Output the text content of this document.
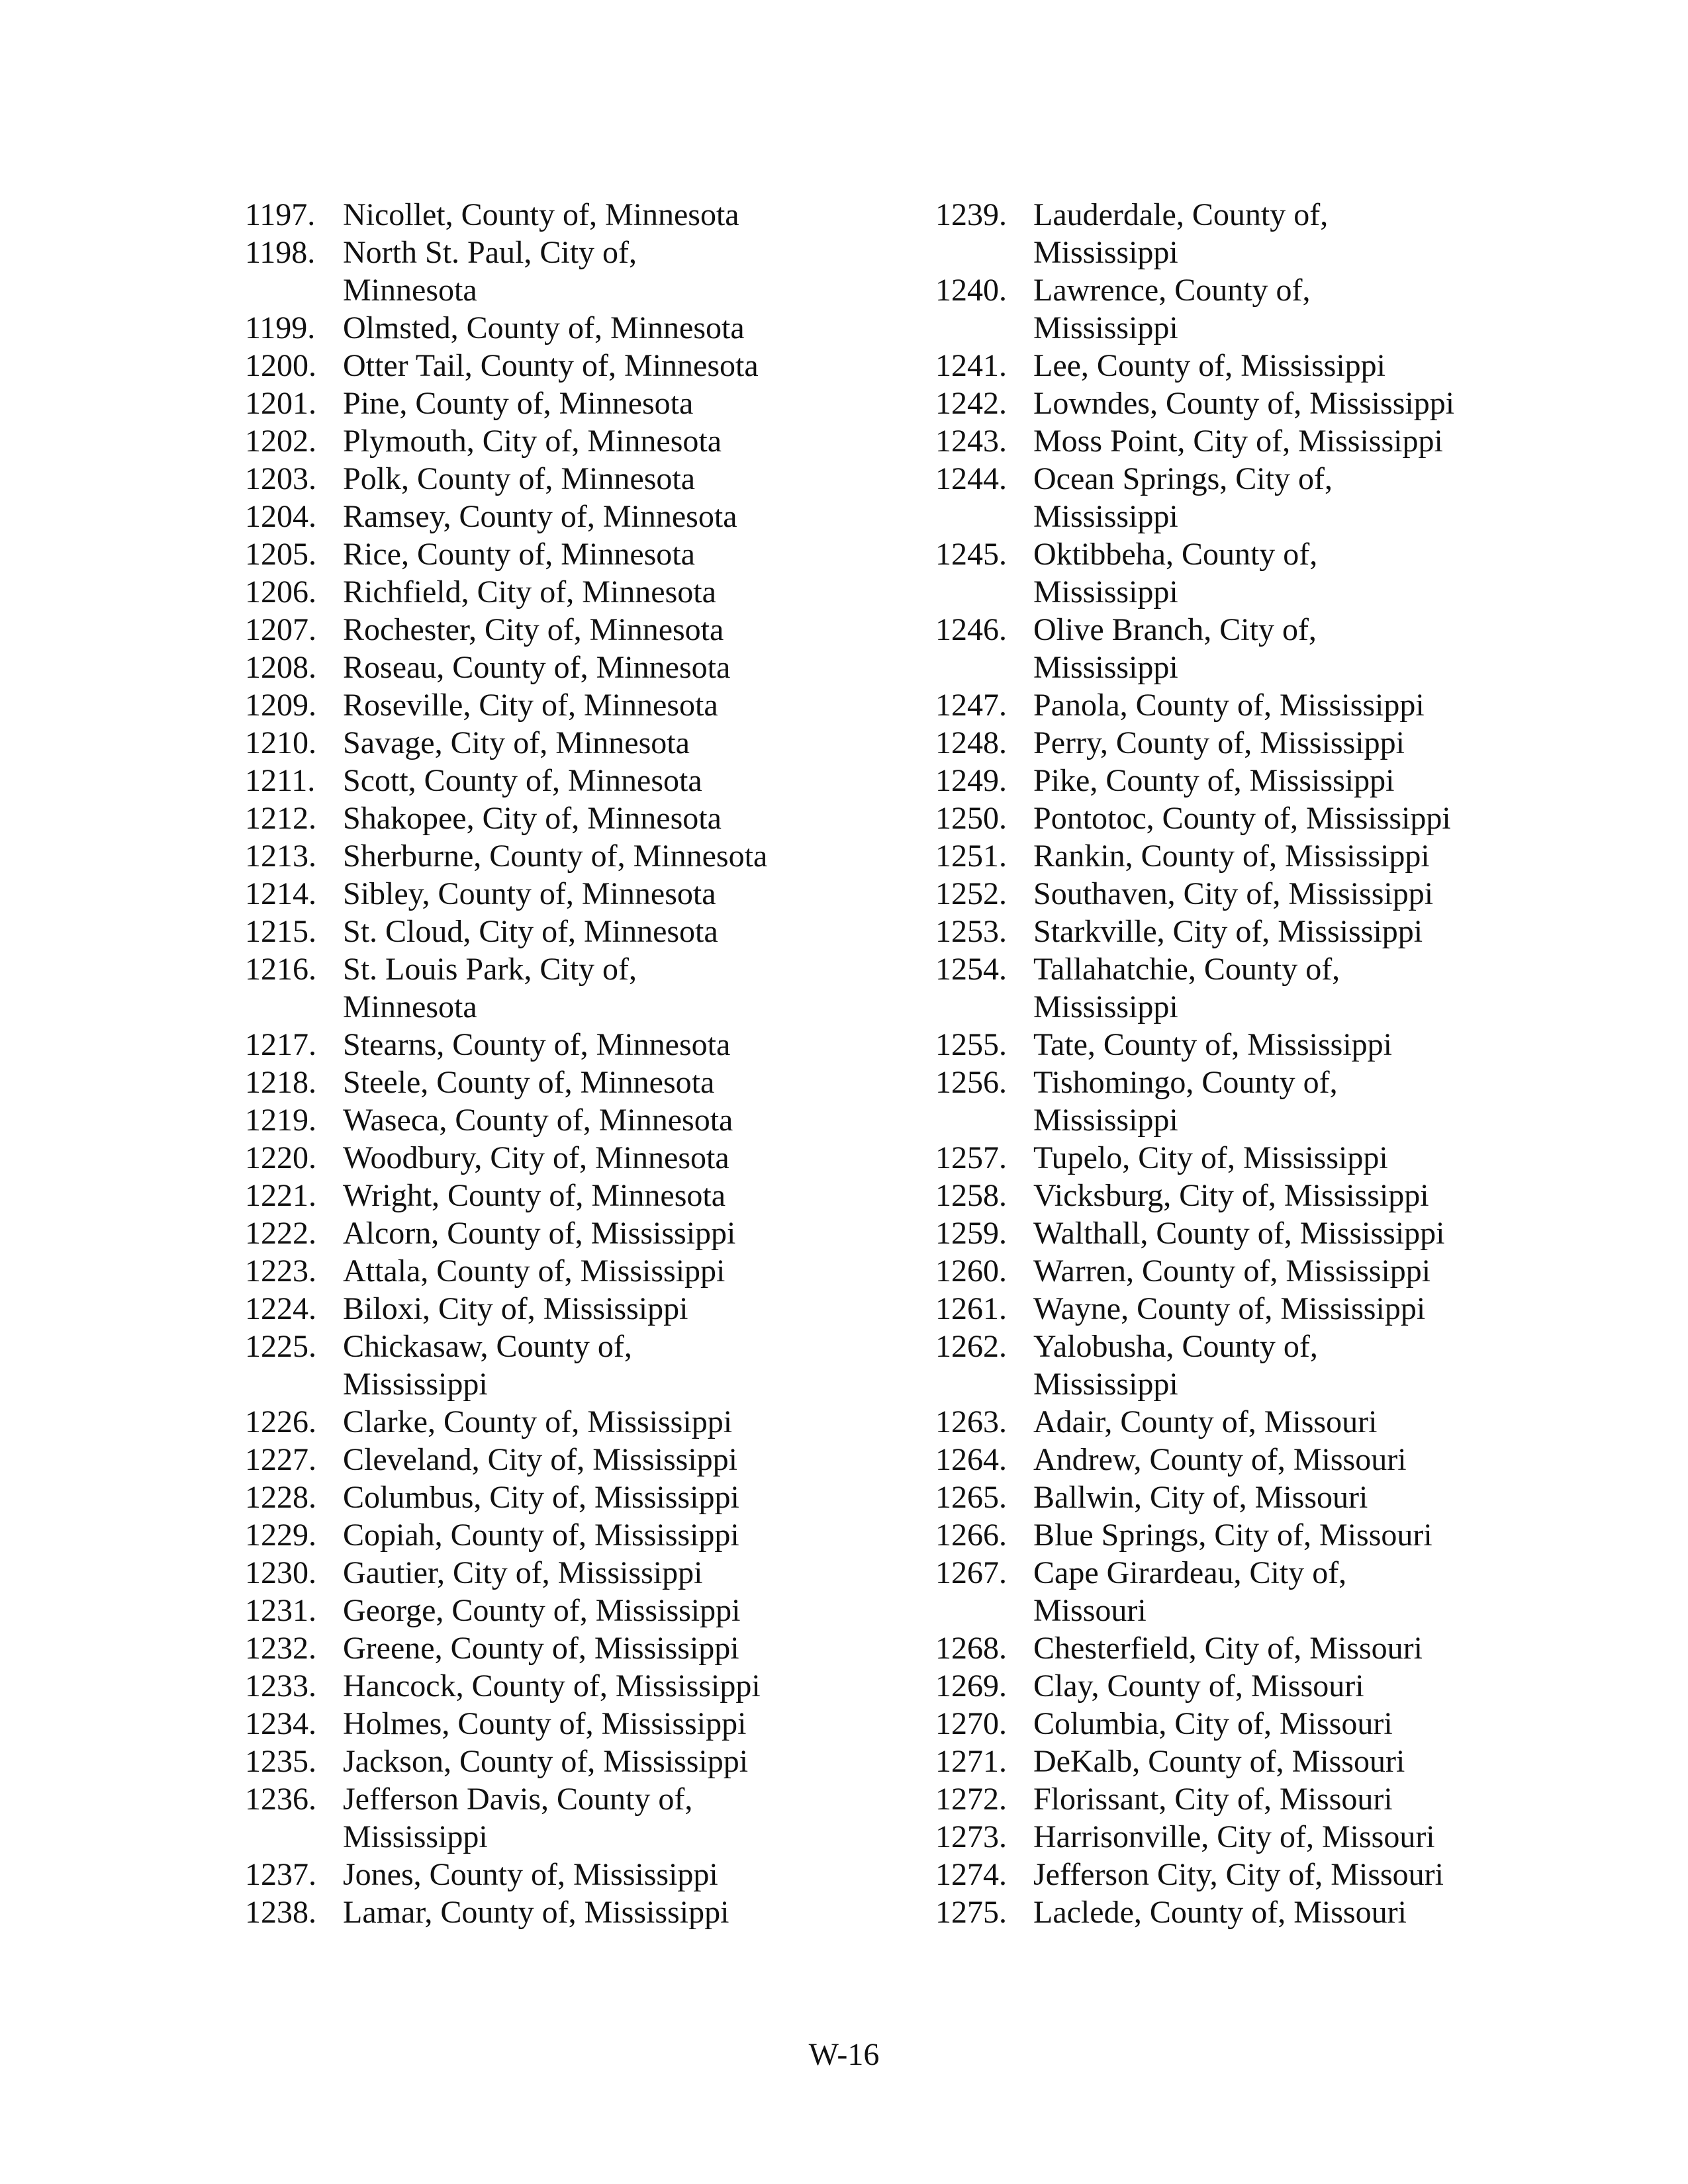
1197. Nicollet, County of, Minnesota
1198. North St. Paul, City of,
Minnesota
1199. Olmsted, County of, Minnesota
1200. Otter Tail, County of, Minnesota
1201. Pine, County of, Minnesota
1202. Plymouth, City of, Minnesota
1203. Polk, County of, Minnesota
1204. Ramsey, County of, Minnesota
1205. Rice, County of, Minnesota
1206. Richfield, City of, Minnesota
1207. Rochester, City of, Minnesota
1208. Roseau, County of, Minnesota
1209. Roseville, City of, Minnesota
1210. Savage, City of, Minnesota
1211. Scott, County of, Minnesota
1212. Shakopee, City of, Minnesota
1213. Sherburne, County of, Minnesota
1214. Sibley, County of, Minnesota
1215. St. Cloud, City of, Minnesota
1216. St. Louis Park, City of,
Minnesota
1217. Stearns, County of, Minnesota
1218. Steele, County of, Minnesota
1219. Waseca, County of, Minnesota
1220. Woodbury, City of, Minnesota
1221. Wright, County of, Minnesota
1222. Alcorn, County of, Mississippi
1223. Attala, County of, Mississippi
1224. Biloxi, City of, Mississippi
1225. Chickasaw, County of,
Mississippi
1226. Clarke, County of, Mississippi
1227. Cleveland, City of, Mississippi
1228. Columbus, City of, Mississippi
1229. Copiah, County of, Mississippi
1230. Gautier, City of, Mississippi
1231. George, County of, Mississippi
1232. Greene, County of, Mississippi
1233. Hancock, County of, Mississippi
1234. Holmes, County of, Mississippi
1235. Jackson, County of, Mississippi
1236. Jefferson Davis, County of,
Mississippi
1237. Jones, County of, Mississippi
1238. Lamar, County of, Mississippi
1239. Lauderdale, County of,
Mississippi
1240. Lawrence, County of,
Mississippi
1241. Lee, County of, Mississippi
1242. Lowndes, County of, Mississippi
1243. Moss Point, City of, Mississippi
1244. Ocean Springs, City of,
Mississippi
1245. Oktibbeha, County of,
Mississippi
1246. Olive Branch, City of,
Mississippi
1247. Panola, County of, Mississippi
1248. Perry, County of, Mississippi
1249. Pike, County of, Mississippi
1250. Pontotoc, County of, Mississippi
1251. Rankin, County of, Mississippi
1252. Southaven, City of, Mississippi
1253. Starkville, City of, Mississippi
1254. Tallahatchie, County of,
Mississippi
1255. Tate, County of, Mississippi
1256. Tishomingo, County of,
Mississippi
1257. Tupelo, City of, Mississippi
1258. Vicksburg, City of, Mississippi
1259. Walthall, County of, Mississippi
1260. Warren, County of, Mississippi
1261. Wayne, County of, Mississippi
1262. Yalobusha, County of,
Mississippi
1263. Adair, County of, Missouri
1264. Andrew, County of, Missouri
1265. Ballwin, City of, Missouri
1266. Blue Springs, City of, Missouri
1267. Cape Girardeau, City of,
Missouri
1268. Chesterfield, City of, Missouri
1269. Clay, County of, Missouri
1270. Columbia, City of, Missouri
1271. DeKalb, County of, Missouri
1272. Florissant, City of, Missouri
1273. Harrisonville, City of, Missouri
1274. Jefferson City, City of, Missouri
1275. Laclede, County of, Missouri
W-16
